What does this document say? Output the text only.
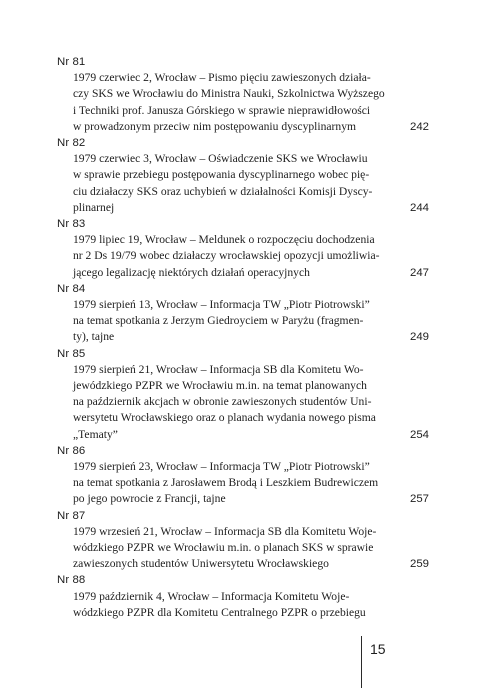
Nr 81
1979 czerwiec 2, Wrocław – Pismo pięciu zawieszonych działa-
czy SKS we Wrocławiu do Ministra Nauki, Szkolnictwa Wyższego
i Techniki prof. Janusza Górskiego w sprawie nieprawidłowości
w prowadzonym przeciw nim postępowaniu dyscyplinarnym	242
Nr 82
1979 czerwiec 3, Wrocław – Oświadczenie SKS we Wrocławiu
w sprawie przebiegu postępowania dyscyplinarnego wobec pię-
ciu działaczy SKS oraz uchybień w działalności Komisji Dyscy-
plinarnej	244
Nr 83
1979 lipiec 19, Wrocław – Meldunek o rozpoczęciu dochodzenia
nr 2 Ds 19/79 wobec działaczy wrocławskiej opozycji umożliwia-
jącego legalizację niektórych działań operacyjnych	247
Nr 84
1979 sierpień 13, Wrocław – Informacja TW „Piotr Piotrowski”
na temat spotkania z Jerzym Giedroyciem w Paryżu (fragmen-
ty), tajne	249
Nr 85
1979 sierpień 21, Wrocław – Informacja SB dla Komitetu Wo-
jewódzkiego PZPR we Wrocławiu m.in. na temat planowanych
na październik akcjach w obronie zawieszonych studentów Uni-
wersytetu Wrocławskiego oraz o planach wydania nowego pisma
„Tematy”	254
Nr 86
1979 sierpień 23, Wrocław – Informacja TW „Piotr Piotrowski”
na temat spotkania z Jarosławem Brodą i Leszkiem Budrewiczem
po jego powrocie z Francji, tajne	257
Nr 87
1979 wrzesień 21, Wrocław – Informacja SB dla Komitetu Woje-
wódzkiego PZPR we Wrocławiu m.in. o planach SKS w sprawie
zawieszonych studentów Uniwersytetu Wrocławskiego	259
Nr 88
1979 październik 4, Wrocław – Informacja Komitetu Woje-
wódzkiego PZPR dla Komitetu Centralnego PZPR o przebiegu
15
